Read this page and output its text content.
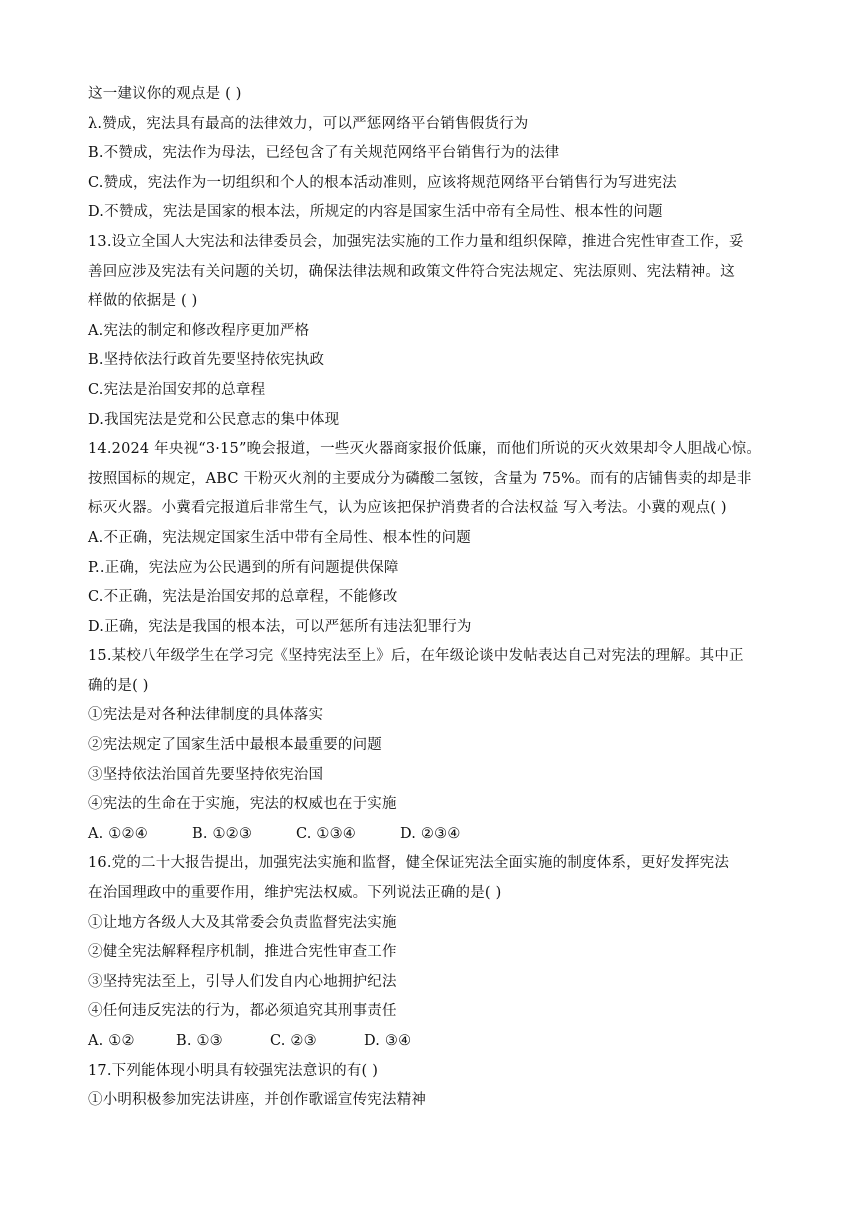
这一建议你的观点是 ( )
λ.赞成，宪法具有最高的法律效力，可以严惩网络平台销售假货行为
B.不赞成，宪法作为母法，已经包含了有关规范网络平台销售行为的法律
C.赞成，宪法作为一切组织和个人的根本活动准则，应该将规范网络平台销售行为写进宪法
D.不赞成，宪法是国家的根本法，所规定的内容是国家生活中帝有全局性、根本性的问题
13.设立全国人大宪法和法律委员会，加强宪法实施的工作力量和组织保障，推进合宪性审查工作，妥
善回应涉及宪法有关问题的关切，确保法律法规和政策文件符合宪法规定、宪法原则、宪法精神。这
样做的依据是 ( )
A.宪法的制定和修改程序更加严格
B.坚持依法行政首先要坚持依宪执政
C.宪法是治国安邦的总章程
D.我国宪法是党和公民意志的集中体现
14.2024 年央视“3·15”晚会报道，一些灭火器商家报价低廉，而他们所说的灭火效果却令人胆战心惊。
按照国标的规定，ABC 干粉灭火剂的主要成分为磷酸二氢铵，含量为 75%。而有的店铺售卖的却是非
标灭火器。小冀看完报道后非常生气，认为应该把保护消费者的合法权益 写入考法。小冀的观点( )
A.不正确，宪法规定国家生活中带有全局性、根本性的问题
P..正确，宪法应为公民遇到的所有问题提供保障
C.不正确，宪法是治国安邦的总章程，不能修改
D.正确，宪法是我国的根本法，可以严惩所有违法犯罪行为
15.某校八年级学生在学习完《坚持宪法至上》后，在年级论谈中发帖表达自己对宪法的理解。其中正
确的是( )
①宪法是对各种法律制度的具体落实
②宪法规定了国家生活中最根本最重要的问题
③坚持依法治国首先要坚持依宪治国
④宪法的生命在于实施，宪法的权威也在于实施
A. ①②④	B. ①②③	C. ①③④	D. ②③④
16.党的二十大报告提出，加强宪法实施和监督，健全保证宪法全面实施的制度体系，更好发挥宪法
在治国理政中的重要作用，维护宪法权威。下列说法正确的是( )
①让地方各级人大及其常委会负责监督宪法实施
②健全宪法解释程序机制，推进合宪性审查工作
③坚持宪法至上，引导人们发自内心地拥护纪法
④任何违反宪法的行为，都必须追究其刑事责任
A. ①②	B. ①③	C. ②③	D. ③④
17.下列能体现小明具有较强宪法意识的有( )
①小明积极参加宪法讲座，并创作歌谣宣传宪法精神
